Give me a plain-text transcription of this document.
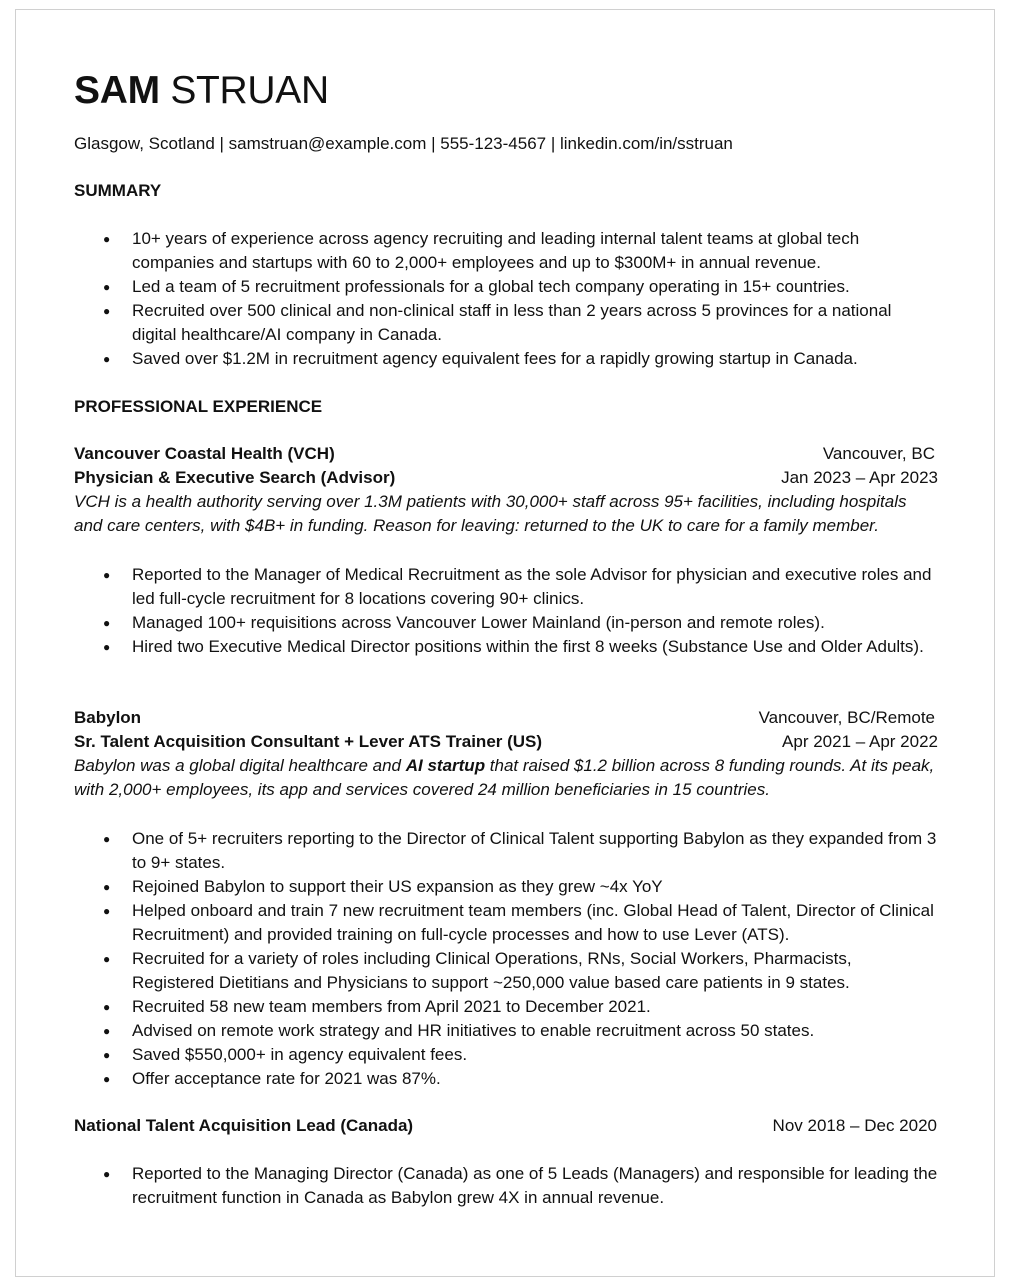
SAM STRUAN
Glasgow, Scotland | samstruan@example.com | 555-123-4567 | linkedin.com/in/sstruan
SUMMARY
● 10+ years of experience across agency recruiting and leading internal talent teams at global tech companies and startups with 60 to 2,000+ employees and up to $300M+ in annual revenue.
● Led a team of 5 recruitment professionals for a global tech company operating in 15+ countries.
● Recruited over 500 clinical and non-clinical staff in less than 2 years across 5 provinces for a national digital healthcare/AI company in Canada.
● Saved over $1.2M in recruitment agency equivalent fees for a rapidly growing startup in Canada.
PROFESSIONAL EXPERIENCE
Vancouver Coastal Health (VCH)	Vancouver, BC
Physician & Executive Search (Advisor)	Jan 2023 – Apr 2023
VCH is a health authority serving over 1.3M patients with 30,000+ staff across 95+ facilities, including hospitals and care centers, with $4B+ in funding. Reason for leaving: returned to the UK to care for a family member.
● Reported to the Manager of Medical Recruitment as the sole Advisor for physician and executive roles and led full-cycle recruitment for 8 locations covering 90+ clinics.
● Managed 100+ requisitions across Vancouver Lower Mainland (in-person and remote roles).
● Hired two Executive Medical Director positions within the first 8 weeks (Substance Use and Older Adults).
Babylon	Vancouver, BC/Remote
Sr. Talent Acquisition Consultant + Lever ATS Trainer (US)	Apr 2021 – Apr 2022
Babylon was a global digital healthcare and AI startup that raised $1.2 billion across 8 funding rounds. At its peak, with 2,000+ employees, its app and services covered 24 million beneficiaries in 15 countries.
● One of 5+ recruiters reporting to the Director of Clinical Talent supporting Babylon as they expanded from 3 to 9+ states.
● Rejoined Babylon to support their US expansion as they grew ~4x YoY
● Helped onboard and train 7 new recruitment team members (inc. Global Head of Talent, Director of Clinical Recruitment) and provided training on full-cycle processes and how to use Lever (ATS).
● Recruited for a variety of roles including Clinical Operations, RNs, Social Workers, Pharmacists, Registered Dietitians and Physicians to support ~250,000 value based care patients in 9 states.
● Recruited 58 new team members from April 2021 to December 2021.
● Advised on remote work strategy and HR initiatives to enable recruitment across 50 states.
● Saved $550,000+ in agency equivalent fees.
● Offer acceptance rate for 2021 was 87%.
National Talent Acquisition Lead (Canada)	Nov 2018 – Dec 2020
● Reported to the Managing Director (Canada) as one of 5 Leads (Managers) and responsible for leading the recruitment function in Canada as Babylon grew 4X in annual revenue.
